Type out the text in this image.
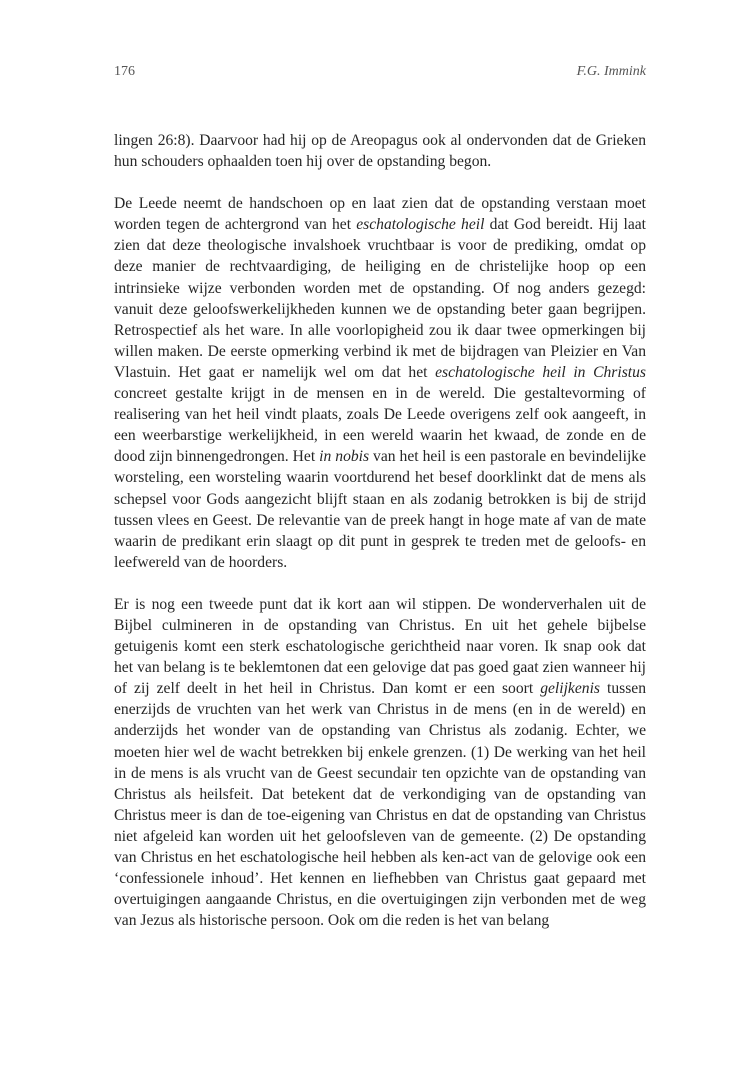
176	F.G. Immink

lingen 26:8). Daarvoor had hij op de Areopagus ook al ondervonden dat de Grieken hun schouders ophaalden toen hij over de opstanding begon.

De Leede neemt de handschoen op en laat zien dat de opstanding verstaan moet worden tegen de achtergrond van het eschatologische heil dat God bereidt. Hij laat zien dat deze theologische invalshoek vruchtbaar is voor de prediking, omdat op deze manier de rechtvaardiging, de heiliging en de christelijke hoop op een intrinsieke wijze verbonden worden met de opstanding. Of nog anders gezegd: vanuit deze geloofswerkelijkheden kunnen we de opstanding beter gaan begrijpen. Retrospectief als het ware. In alle voorlopigheid zou ik daar twee opmerkingen bij willen maken. De eerste opmerking verbind ik met de bijdragen van Pleizier en Van Vlastuin. Het gaat er namelijk wel om dat het eschatologische heil in Christus concreet gestalte krijgt in de mensen en in de wereld. Die gestaltevorming of realisering van het heil vindt plaats, zoals De Leede overigens zelf ook aangeeft, in een weerbarstige werkelijkheid, in een wereld waarin het kwaad, de zonde en de dood zijn binnengedrongen. Het in nobis van het heil is een pastorale en bevindelijke worsteling, een worsteling waarin voortdurend het besef doorklinkt dat de mens als schepsel voor Gods aangezicht blijft staan en als zodanig betrokken is bij de strijd tussen vlees en Geest. De relevantie van de preek hangt in hoge mate af van de mate waarin de predikant erin slaagt op dit punt in gesprek te treden met de geloofs- en leefwereld van de hoorders.

Er is nog een tweede punt dat ik kort aan wil stippen. De wonderverhalen uit de Bijbel culmineren in de opstanding van Christus. En uit het gehele bijbelse getuigenis komt een sterk eschatologische gerichtheid naar voren. Ik snap ook dat het van belang is te beklemtonen dat een gelovige dat pas goed gaat zien wanneer hij of zij zelf deelt in het heil in Christus. Dan komt er een soort gelijkenis tussen enerzijds de vruchten van het werk van Christus in de mens (en in de wereld) en anderzijds het wonder van de opstanding van Christus als zodanig. Echter, we moeten hier wel de wacht betrekken bij enkele grenzen. (1) De werking van het heil in de mens is als vrucht van de Geest secundair ten opzichte van de opstanding van Christus als heilsfeit. Dat betekent dat de verkondiging van de opstanding van Christus meer is dan de toe-eigening van Christus en dat de opstanding van Christus niet afgeleid kan worden uit het geloofsleven van de gemeente. (2) De opstanding van Christus en het eschatologische heil hebben als ken-act van de gelovige ook een ‘confessionele inhoud’. Het kennen en liefhebben van Christus gaat gepaard met overtuigingen aangaande Christus, en die overtuigingen zijn verbonden met de weg van Jezus als historische persoon. Ook om die reden is het van belang
